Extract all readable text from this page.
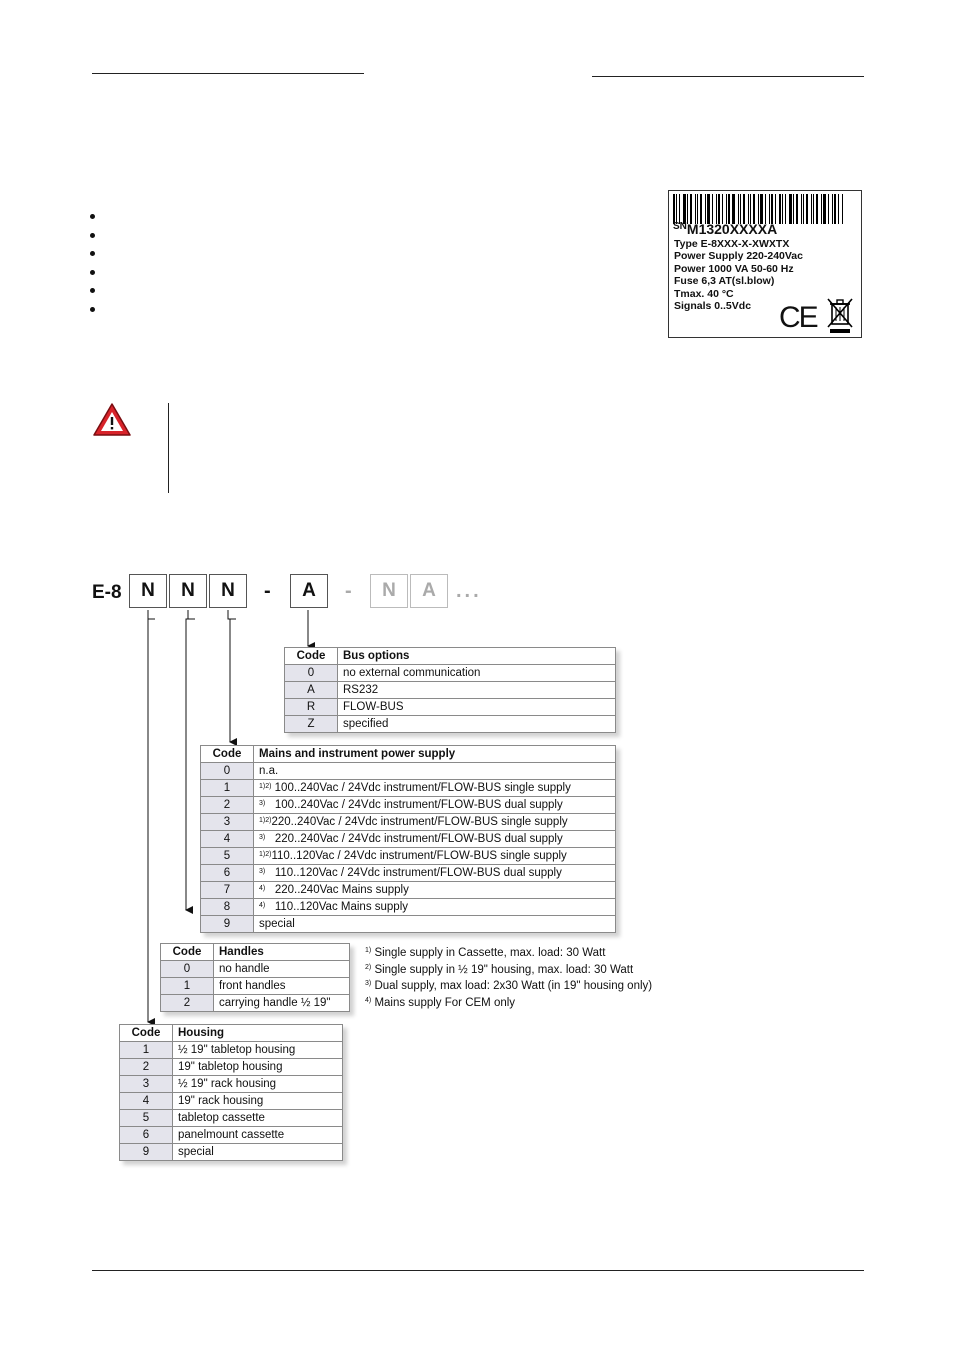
$^{SN}$M1320XXXXA
Type E-8XXX-X-XWXTX
Power Supply 220-240Vac
Power 1000 VA 50-60 Hz
Fuse 6,3 AT(sl.blow)
Tmax. 40 °C
Signals 0..5Vdc CE
E-8	N	N	N	-	A	-	N	A	...
Code	Bus options
0	no external communication
A	RS232
R	FLOW-BUS
Z	specified
Code	Mains and instrument power supply
0	n.a.
1	$^{1)2)}$ 100..240Vac / 24Vdc instrument/FLOW-BUS single supply
2	$^{3)}$ 100..240Vac / 24Vdc instrument/FLOW-BUS dual supply
3	$^{1)2)}$220..240Vac / 24Vdc instrument/FLOW-BUS single supply
4	$^{3)}$ 220..240Vac / 24Vdc instrument/FLOW-BUS dual supply
5	$^{1)2)}$110..120Vac / 24Vdc instrument/FLOW-BUS single supply
6	$^{3)}$ 110..120Vac / 24Vdc instrument/FLOW-BUS dual supply
7	$^{4)}$ 220..240Vac Mains supply
8	$^{4)}$ 110..120Vac Mains supply
9	special
Code	Handles
0	no handle
1	front handles
2	carrying handle ½ 19"
$^{1)}$ Single supply in Cassette, max. load: 30 Watt
$^{2)}$ Single supply in ½ 19" housing, max. load: 30 Watt
$^{3)}$ Dual supply, max load: 2x30 Watt (in 19" housing only)
$^{4)}$ Mains supply For CEM only
Code	Housing
1	½ 19" tabletop housing
2	19" tabletop housing
3	½ 19" rack housing
4	19" rack housing
5	tabletop cassette
6	panelmount cassette
9	special
